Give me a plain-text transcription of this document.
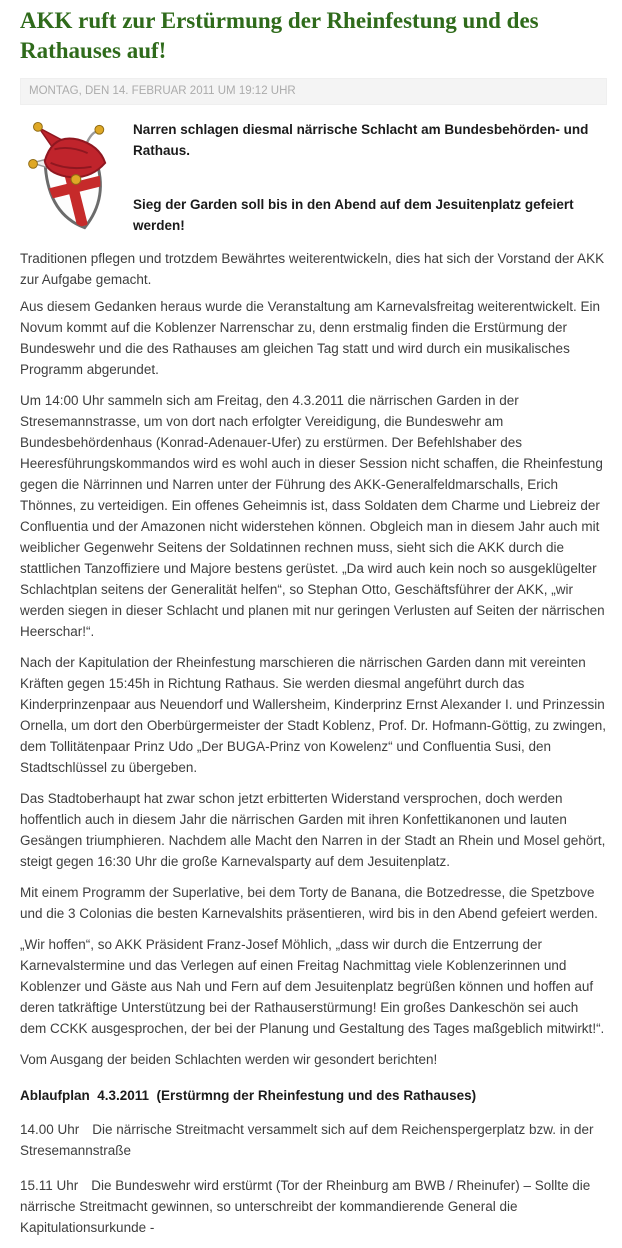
AKK ruft zur Erstürmung der Rheinfestung und des Rathauses auf!
MONTAG, DEN 14. FEBRUAR 2011 UM 19:12 UHR

Narren schlagen diesmal närrische Schlacht am Bundesbehörden- und Rathaus.

Sieg der Garden soll bis in den Abend auf dem Jesuitenplatz gefeiert werden!

Traditionen pflegen und trotzdem Bewährtes weiterentwickeln, dies hat sich der Vorstand der AKK zur Aufgabe gemacht.

Aus diesem Gedanken heraus wurde die Veranstaltung am Karnevalsfreitag weiterentwickelt. Ein Novum kommt auf die Koblenzer Narrenschar zu, denn erstmalig finden die Erstürmung der Bundeswehr und die des Rathauses am gleichen Tag statt und wird durch ein musikalisches Programm abgerundet.

Um 14:00 Uhr sammeln sich am Freitag, den 4.3.2011 die närrischen Garden in der Stresemannstrasse, um von dort nach erfolgter Vereidigung, die Bundeswehr am Bundesbehördenhaus (Konrad-Adenauer-Ufer) zu erstürmen. Der Befehlshaber des Heeresführungskommandos wird es wohl auch in dieser Session nicht schaffen, die Rheinfestung gegen die Närrinnen und Narren unter der Führung des AKK-Generalfeldmarschalls, Erich Thönnes, zu verteidigen. Ein offenes Geheimnis ist, dass Soldaten dem Charme und Liebreiz der Confluentia und der Amazonen nicht widerstehen können. Obgleich man in diesem Jahr auch mit weiblicher Gegenwehr Seitens der Soldatinnen rechnen muss, sieht sich die AKK durch die stattlichen Tanzoffiziere und Majore bestens gerüstet. „Da wird auch kein noch so ausgeklügelter Schlachtplan seitens der Generalität helfen“, so Stephan Otto, Geschäftsführer der AKK, „wir werden siegen in dieser Schlacht und planen mit nur geringen Verlusten auf Seiten der närrischen Heerschar!“.

Nach der Kapitulation der Rheinfestung marschieren die närrischen Garden dann mit vereinten Kräften gegen 15:45h in Richtung Rathaus. Sie werden diesmal angeführt durch das Kinderprinzenpaar aus Neuendorf und Wallersheim, Kinderprinz Ernst Alexander I. und Prinzessin Ornella, um dort den Oberbürgermeister der Stadt Koblenz, Prof. Dr. Hofmann-Göttig, zu zwingen, dem Tollitätenpaar Prinz Udo „Der BUGA-Prinz von Kowelenz“ und Confluentia Susi, den Stadtschlüssel zu übergeben.

Das Stadtoberhaupt hat zwar schon jetzt erbitterten Widerstand versprochen, doch werden hoffentlich auch in diesem Jahr die närrischen Garden mit ihren Konfettikanonen und lauten Gesängen triumphieren. Nachdem alle Macht den Narren in der Stadt an Rhein und Mosel gehört, steigt gegen 16:30 Uhr die große Karnevalsparty auf dem Jesuitenplatz.

Mit einem Programm der Superlative, bei dem Torty de Banana, die Botzedresse, die Spetzbove und die 3 Colonias die besten Karnevalshits präsentieren, wird bis in den Abend gefeiert werden.

„Wir hoffen“, so AKK Präsident Franz-Josef Möhlich, „dass wir durch die Entzerrung der Karnevalstermine und das Verlegen auf einen Freitag Nachmittag viele Koblenzerinnen und Koblenzer und Gäste aus Nah und Fern auf dem Jesuitenplatz begrüßen können und hoffen auf deren tatkräftige Unterstützung bei der Rathauserstürmung! Ein großes Dankeschön sei auch dem CCKK ausgesprochen, der bei der Planung und Gestaltung des Tages maßgeblich mitwirkt!“.

Vom Ausgang der beiden Schlachten werden wir gesondert berichten!

Ablaufplan  4.3.2011  (Erstürmng der Rheinfestung und des Rathauses)

14.00 Uhr Die närrische Streitmacht versammelt sich auf dem Reichenspergerplatz bzw. in der Stresemannstraße

15.11 Uhr Die Bundeswehr wird erstürmt (Tor der Rheinburg am BWB / Rheinufer) – Sollte die närrische Streitmacht gewinnen, so unterschreibt der kommandierende General die Kapitulationsurkunde -
